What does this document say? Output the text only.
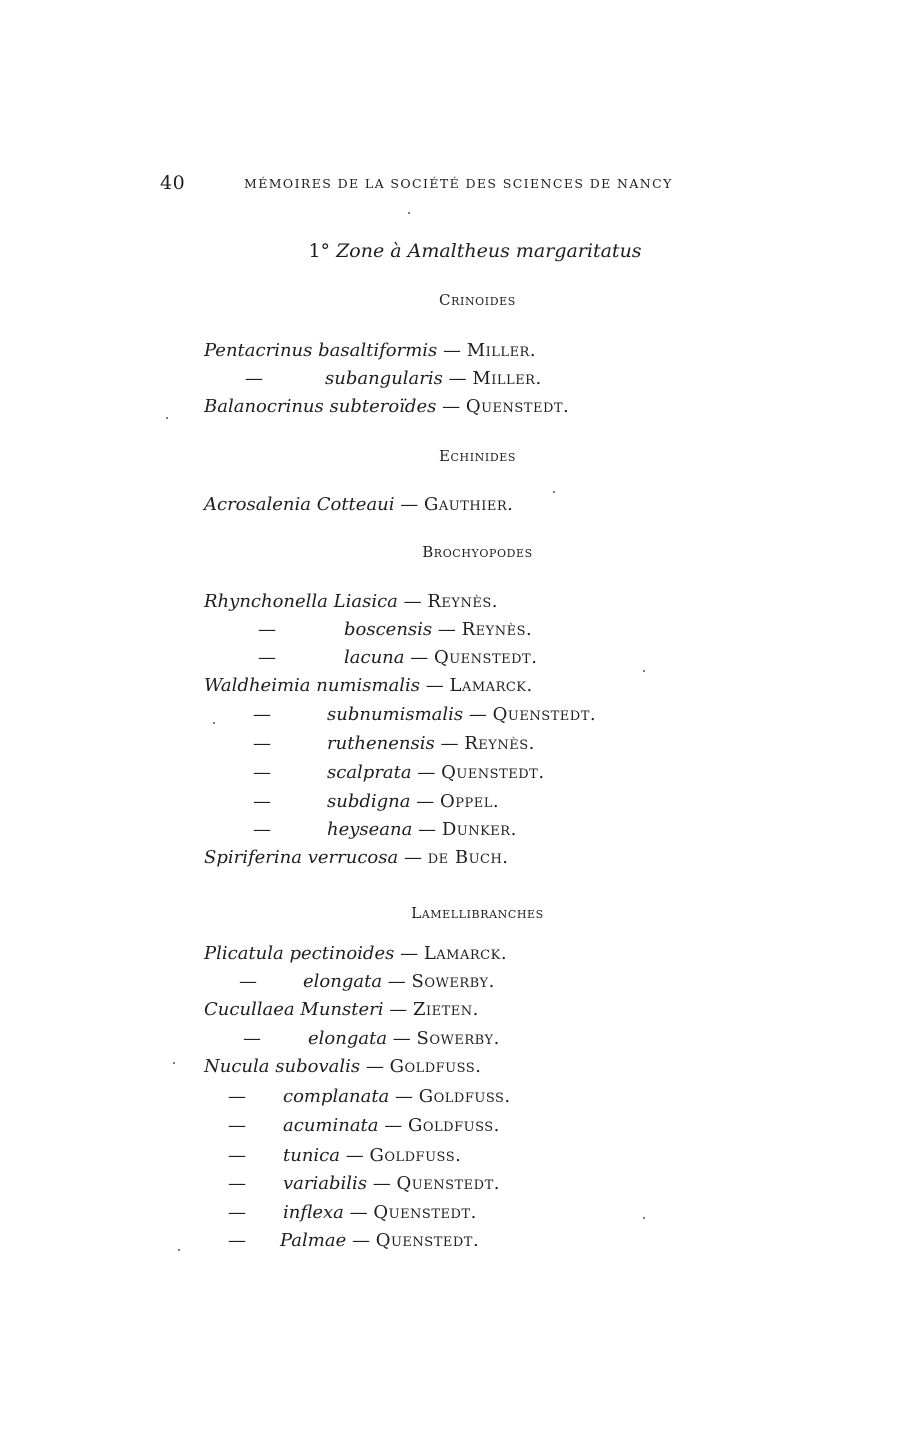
40	MÉMOIRES DE LA SOCIÉTÉ DES SCIENCES DE NANCY
1° Zone à Amaltheus margaritatus
Crinoides
Pentacrinus basaltiformis — Miller.
—	subangularis — Miller.
Balanocrinus subteroïdes — Quenstedt.
Echinides
Acrosalenia Cotteaui — Gauthier.
Brochyopodes
Rhynchonella Liasica — Reynès.
—	boscensis — Reynès.
—	lacuna — Quenstedt.
Waldheimia numismalis — Lamarck.
—	subnumismalis — Quenstedt.
—	ruthenensis — Reynès.
—	scalprata — Quenstedt.
—	subdigna — Oppel.
—	heyseana — Dunker.
Spiriferina verrucosa — de Buch.
Lamellibranches
Plicatula pectinoides — Lamarck.
—	elongata — Sowerby.
Cucullaea Munsteri — Zieten.
—	elongata — Sowerby.
Nucula subovalis — Goldfuss.
— complanata — Goldfuss.
— acuminata — Goldfuss.
— tunica — Goldfuss.
— variabilis — Quenstedt.
— inflexa — Quenstedt.
— Palmae — Quenstedt.
